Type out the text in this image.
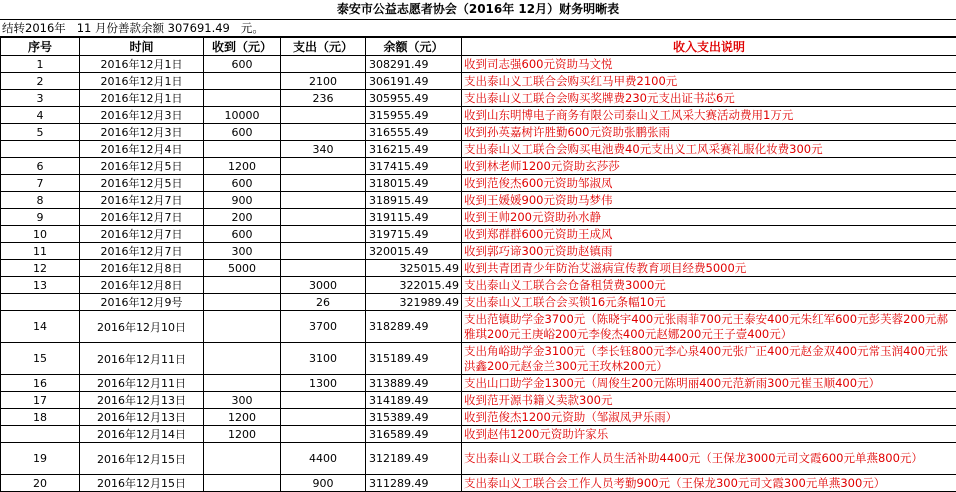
泰安市公益志愿者协会（2016年 12月）财务明晰表
结转2016年   11 月份善款余额 307691.49   元。
序号	时间	收到（元）	支出（元）	余额（元）	收入支出说明
1	2016年12月1日	600		308291.49	收到司志强600元资助马文悦
2	2016年12月1日		2100	306191.49	支出泰山义工联合会购买红马甲费2100元
3	2016年12月1日		236	305955.49	支出泰山义工联合会购买奖牌费230元支出证书芯6元
4	2016年12月3日	10000		315955.49	收到山东明博电子商务有限公司泰山义工风采大赛活动费用1万元
5	2016年12月3日	600		316555.49	收到孙英嘉树许胜勤600元资助张鹏张雨
	2016年12月4日		340	316215.49	支出泰山义工联合会购买电池费40元支出义工风采赛礼服化妆费300元
6	2016年12月5日	1200		317415.49	收到林老师1200元资助玄莎莎
7	2016年12月5日	600		318015.49	收到范俊杰600元资助邹淑凤
8	2016年12月7日	900		318915.49	收到王媛媛900元资助马梦伟
9	2016年12月7日	200		319115.49	收到王帅200元资助孙水静
10	2016年12月7日	600		319715.49	收到郑群群600元资助王成风
11	2016年12月7日	300		320015.49	收到郭巧谛300元资助赵镇雨
12	2016年12月8日	5000		325015.49	收到共青团青少年防治艾滋病宣传教育项目经费5000元
13	2016年12月8日		3000	322015.49	支出泰山义工联合会仓备租赁费3000元
	2016年12月9号		26	321989.49	支出泰山义工联合会买锁16元条幅10元
14	2016年12月10日		3700	318289.49	支出范镇助学金3700元（陈晓宇400元张雨菲700元王泰安400元朱红军600元彭芙蓉200元郝雅琪200元王庚峪200元李俊杰400元赵娜200元王子壹400元）
15	2016年12月11日		3100	315189.49	支出角峪助学金3100元（李长钰800元李心泉400元张广正400元赵金双400元常玉润400元张洪鑫200元赵金兰300元王玫林200元）
16	2016年12月11日		1300	313889.49	支出山口助学金1300元（周俊生200元陈明丽400元范新雨300元崔玉顺400元）
17	2016年12月13日	300		314189.49	收到范开源书籍义卖款300元
18	2016年12月13日	1200		315389.49	收到范俊杰1200元资助（邹淑凤尹乐雨）
	2016年12月14日	1200		316589.49	收到赵伟1200元资助许家乐
19	2016年12月15日		4400	312189.49	支出泰山义工联合会工作人员生活补助4400元（王保龙3000元司文霞600元单燕800元）
20	2016年12月15日		900	311289.49	支出泰山义工联合会工作人员考勤900元（王保龙300元司文霞300元单燕300元）
